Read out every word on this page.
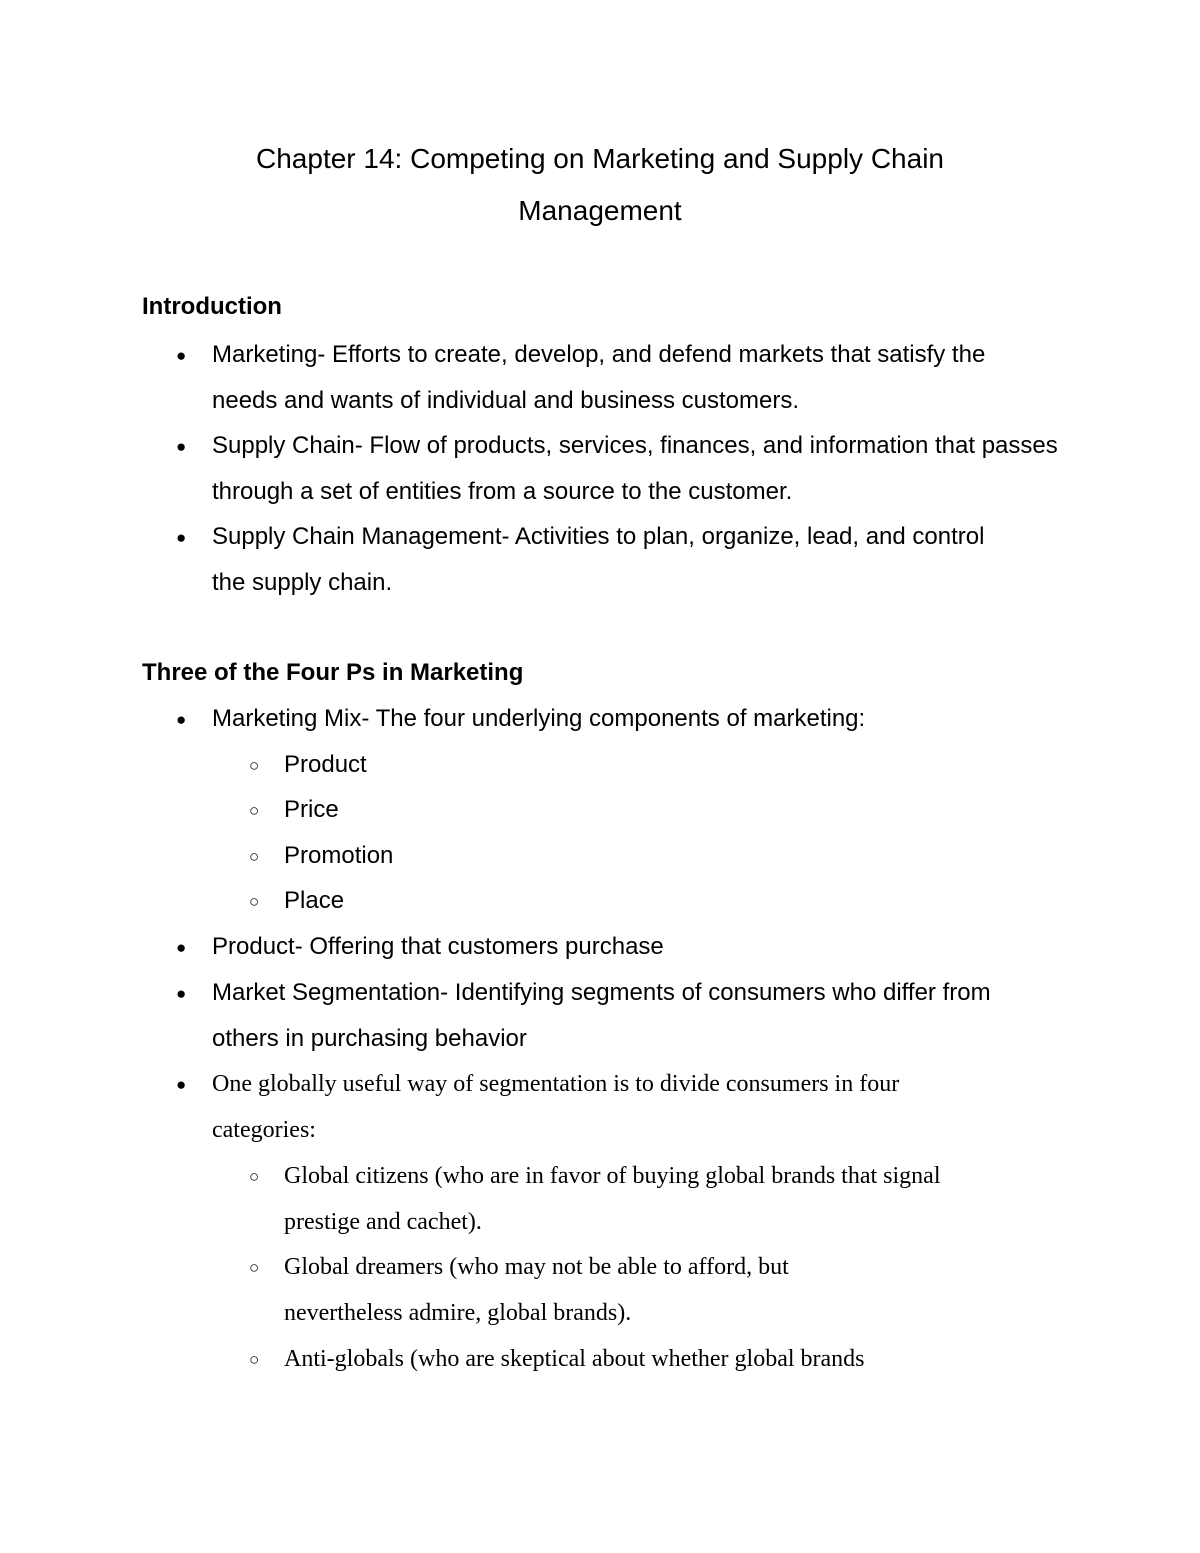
Chapter 14: Competing on Marketing and Supply Chain
Management
Introduction
● Marketing- Efforts to create, develop, and defend markets that satisfy the needs and wants of individual and business customers.

● Supply Chain- Flow of products, services, finances, and information that passes through a set of entities from a source to the customer.

● Supply Chain Management- Activities to plan, organize, lead, and control the supply chain.

Three of the Four Ps in Marketing
● Marketing Mix- The four underlying components of marketing:

○ Product

○ Price

○ Promotion

○ Place

● Product- Offering that customers purchase

● Market Segmentation- Identifying segments of consumers who differ from others in purchasing behavior

● One globally useful way of segmentation is to divide consumers in four categories:

○ Global citizens (who are in favor of buying global brands that signal prestige and cachet).

○ Global dreamers (who may not be able to afford, but nevertheless admire, global brands).

○ Anti-globals (who are skeptical about whether global brands
